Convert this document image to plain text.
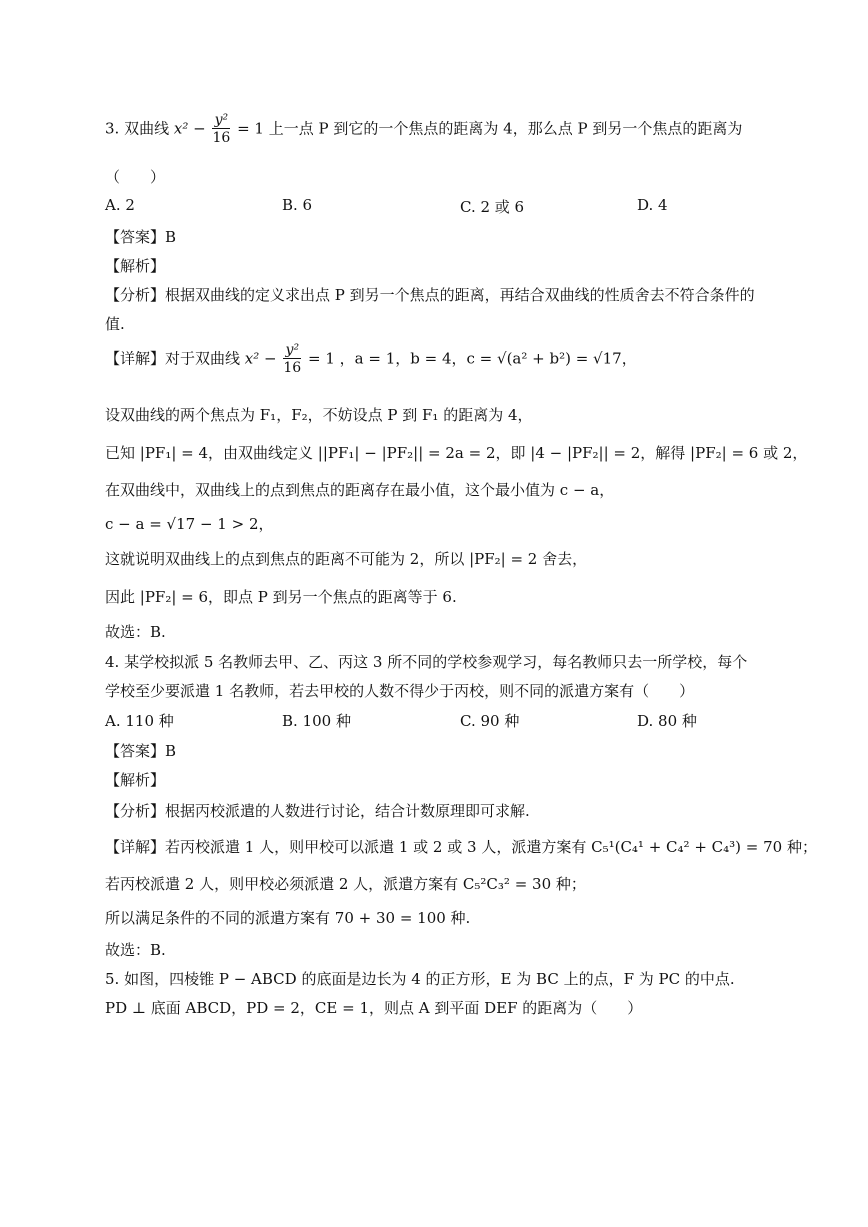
3. 双曲线 $x^2 - \frac{\text{y²}}{16} = 1$ 上一点 P 到它的一个焦点的距离为 4，那么点 P 到另一个焦点的距离为
（　　）
A. 2	B. 6	C. 2 或 6	D. 4
【答案】B
【解析】
【分析】根据双曲线的定义求出点 P 到另一个焦点的距离，再结合双曲线的性质舍去不符合条件的
值.
【详解】对于双曲线 $x^2 - \frac{\text{y²}}{16} = 1$ ，a = 1，b = 4，c = √(a² + b²) = √17，
设双曲线的两个焦点为 F₁，F₂，不妨设点 P 到 F₁ 的距离为 4，
已知 |PF₁| = 4，由双曲线定义 ||PF₁| − |PF₂|| = 2a = 2，即 |4 − |PF₂|| = 2，解得 |PF₂| = 6 或 2，
在双曲线中，双曲线上的点到焦点的距离存在最小值，这个最小值为 c − a，
c − a = √17 − 1 > 2，
这就说明双曲线上的点到焦点的距离不可能为 2，所以 |PF₂| = 2 舍去，
因此 |PF₂| = 6，即点 P 到另一个焦点的距离等于 6.
故选：B.
4. 某学校拟派 5 名教师去甲、乙、丙这 3 所不同的学校参观学习，每名教师只去一所学校，每个
学校至少要派遣 1 名教师，若去甲校的人数不得少于丙校，则不同的派遣方案有（　　）
A. 110 种	B. 100 种	C. 90 种	D. 80 种
【答案】B
【解析】
【分析】根据丙校派遣的人数进行讨论，结合计数原理即可求解.
【详解】若丙校派遣 1 人，则甲校可以派遣 1 或 2 或 3 人，派遣方案有 C₅¹(C₄¹ + C₄² + C₄³) = 70 种；
若丙校派遣 2 人，则甲校必须派遣 2 人，派遣方案有 C₅²C₃² = 30 种；
所以满足条件的不同的派遣方案有 70 + 30 = 100 种.
故选：B.
5. 如图，四棱锥 P − ABCD 的底面是边长为 4 的正方形，E 为 BC 上的点，F 为 PC 的中点.
PD ⊥ 底面 ABCD，PD = 2，CE = 1，则点 A 到平面 DEF 的距离为（　　）
